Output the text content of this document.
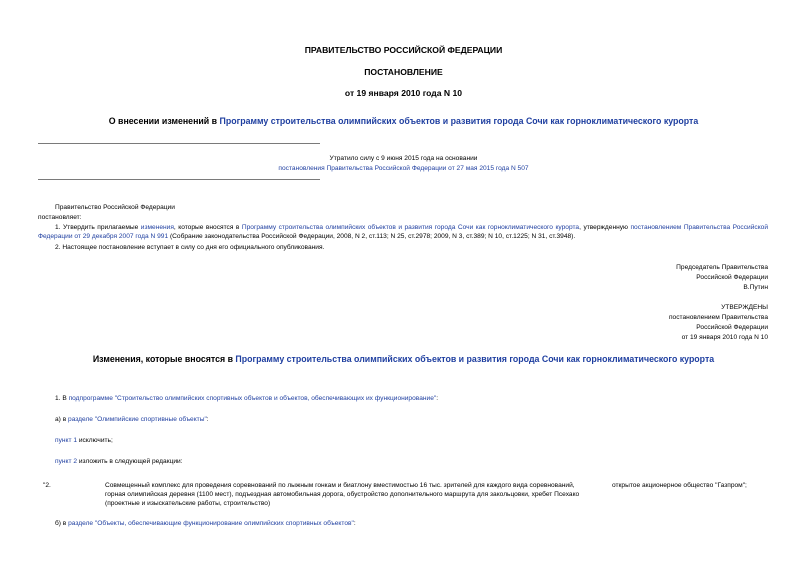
ПРАВИТЕЛЬСТВО РОССИЙСКОЙ ФЕДЕРАЦИИ
ПОСТАНОВЛЕНИЕ
от 19 января 2010 года N 10
О внесении изменений в Программу строительства олимпийских объектов и развития города Сочи как горноклиматического курорта
Утратило силу с 9 июня 2015 года на основании
постановления Правительства Российской Федерации от 27 мая 2015 года N 507
Правительство Российской Федерации
постановляет:
1. Утвердить прилагаемые изменения, которые вносятся в Программу строительства олимпийских объектов и развития города Сочи как горноклиматического курорта, утвержденную постановлением Правительства Российской Федерации от 29 декабря 2007 года N 991 (Собрание законодательства Российской Федерации, 2008, N 2, ст.113; N 25, ст.2978; 2009, N 3, ст.389; N 10, ст.1225; N 31, ст.3948).
2. Настоящее постановление вступает в силу со дня его официального опубликования.
Председатель Правительства
Российской Федерации
В.Путин
УТВЕРЖДЕНЫ
постановлением Правительства
Российской Федерации
от 19 января 2010 года N 10
Изменения, которые вносятся в Программу строительства олимпийских объектов и развития города Сочи как горноклиматического курорта
1. В подпрограмме "Строительство олимпийских спортивных объектов и объектов, обеспечивающих их функционирование":
а) в разделе "Олимпийские спортивные объекты":
пункт 1 исключить;
пункт 2 изложить в следующей редакции:
"2.	Совмещенный комплекс для проведения соревнований по лыжным гонкам и биатлону вместимостью 16 тыс. зрителей для каждого вида соревнований, горная олимпийская деревня (1100 мест), подъездная автомобильная дорога, обустройство дополнительного маршрута для закольцовки, хребет Псехако (проектные и изыскательские работы, строительство)
открытое акционерное общество "Газпром";
б) в разделе "Объекты, обеспечивающие функционирование олимпийских спортивных объектов":
